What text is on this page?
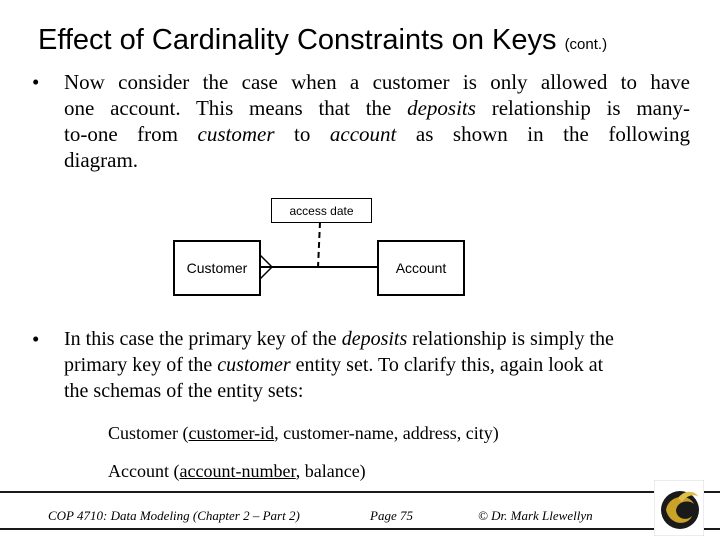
Effect of Cardinality Constraints on Keys (cont.)
• Now consider the case when a customer is only allowed to have
one account. This means that the deposits relationship is many-
to-one from customer to account as shown in the following
diagram.
access date
Customer	Account
• In this case the primary key of the deposits relationship is simply the
primary key of the customer entity set. To clarify this, again look at
the schemas of the entity sets:
Customer (customer-id, customer-name, address, city)
Account (account-number, balance)
COP 4710: Data Modeling (Chapter 2 – Part 2)	Page 75	© Dr. Mark Llewellyn
